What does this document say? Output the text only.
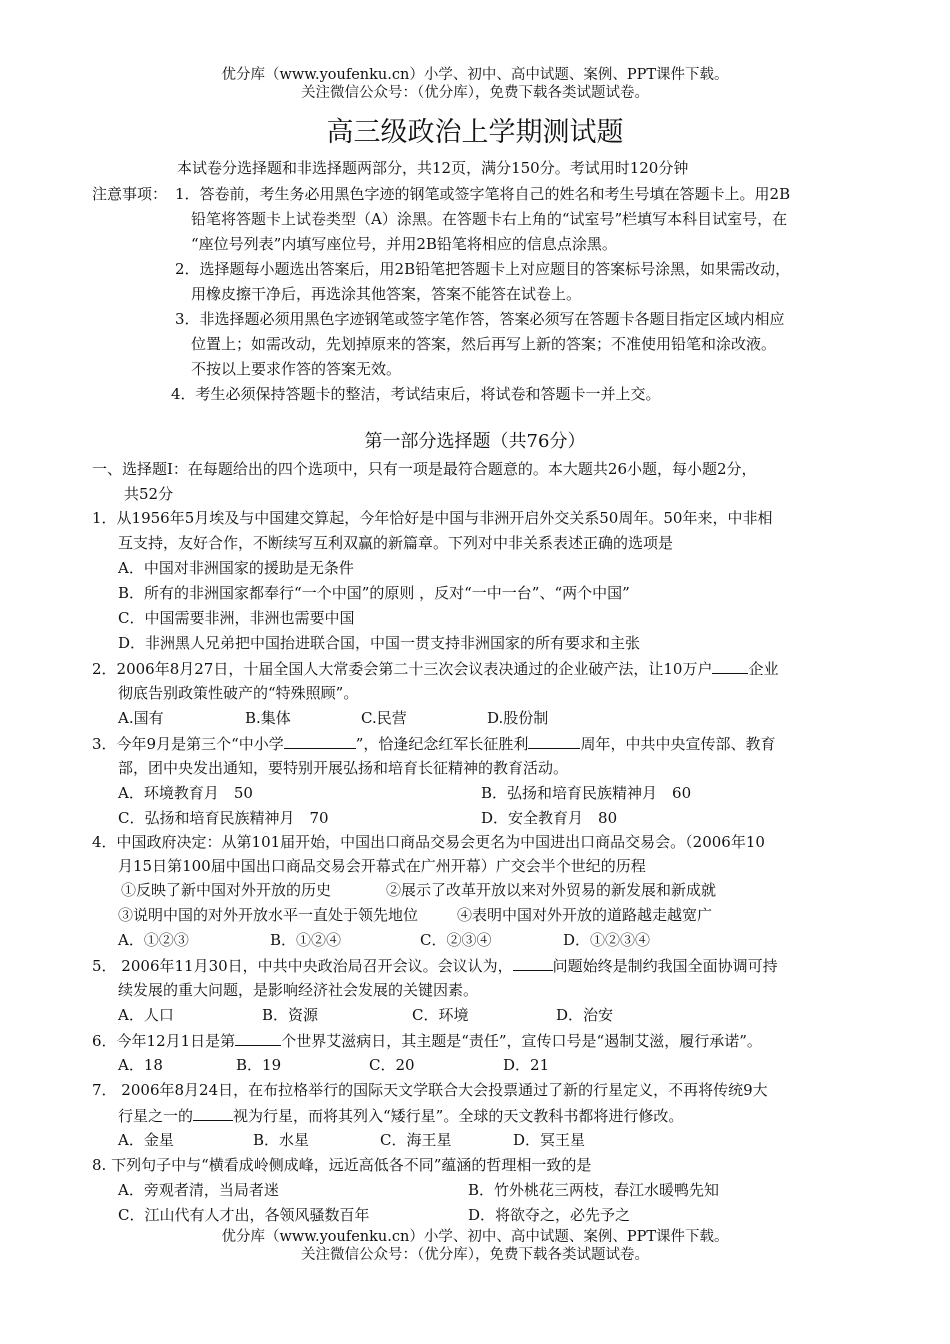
优分库（www.youfenku.cn）小学、初中、高中试题、案例、PPT课件下载。
关注微信公众号：（优分库），免费下载各类试题试卷。
高三级政治上学期测试题
本试卷分选择题和非选择题两部分，共12页，满分150分。考试用时120分钟
注意事项： 1．答卷前，考生务必用黑色字迹的钢笔或签字笔将自己的姓名和考生号填在答题卡上。用2B
铅笔将答题卡上试卷类型（A）涂黑。在答题卡右上角的“试室号”栏填写本科目试室号，在
“座位号列表”内填写座位号，并用2B铅笔将相应的信息点涂黑。
2．选择题每小题选出答案后，用2B铅笔把答题卡上对应题目的答案标号涂黑，如果需改动，
用橡皮擦干净后，再选涂其他答案，答案不能答在试卷上。
3．非选择题必须用黑色字迹钢笔或签字笔作答，答案必须写在答题卡各题目指定区域内相应
位置上；如需改动，先划掉原来的答案，然后再写上新的答案；不准使用铅笔和涂改液。
不按以上要求作答的答案无效。
4．考生必须保持答题卡的整洁，考试结束后，将试卷和答题卡一并上交。
第一部分选择题（共76分）
一、选择题Ⅰ：在每题给出的四个选项中，只有一项是最符合题意的。本大题共26小题，每小题2分，
共52分
1．从1956年5月埃及与中国建交算起，今年恰好是中国与非洲开启外交关系50周年。50年来，中非相
互支持，友好合作，不断续写互利双赢的新篇章。下列对中非关系表述正确的选项是
A．中国对非洲国家的援助是无条件
B．所有的非洲国家都奉行“一个中国”的原则 ，反对“一中一台”、“两个中国”
C．中国需要非洲，非洲也需要中国
D．非洲黑人兄弟把中国抬进联合国，中国一贯支持非洲国家的所有要求和主张
2．2006年8月27日，十届全国人大常委会第二十三次会议表决通过的企业破产法，让10万户 企业
彻底告别政策性破产的“特殊照顾”。
A.国有	B.集体	C.民营	D.股份制
3．今年9月是第三个“中小学	”，恰逢纪念红军长征胜利	周年，中共中央宣传部、教育
部，团中央发出通知，要特别开展弘扬和培育长征精神的教育活动。
A．环境教育月　50	B．弘扬和培育民族精神月　60
C．弘扬和培育民族精神月　70	D．安全教育月　80
4．中国政府决定：从第101届开始，中国出口商品交易会更名为中国进出口商品交易会。（2006年10
月15日第100届中国出口商品交易会开幕式在广州开幕）广交会半个世纪的历程
①反映了新中国对外开放的历史	②展示了改革开放以来对外贸易的新发展和新成就
③说明中国的对外开放水平一直处于领先地位	④表明中国对外开放的道路越走越宽广
A．①②③	B．①②④	C．②③④	D．①②③④
5． 2006年11月30日，中共中央政治局召开会议。会议认为，	问题始终是制约我国全面协调可持
续发展的重大问题，是影响经济社会发展的关键因素。
A．人口	B．资源	C．环境	D．治安
6．今年12月1日是第	个世界艾滋病日，其主题是“责任”，宣传口号是“遏制艾滋，履行承诺”。
A．18	B．19	C．20	D．21
7． 2006年8月24日，在布拉格举行的国际天文学联合大会投票通过了新的行星定义，不再将传统9大
行星之一的	视为行星，而将其列入“矮行星”。全球的天文教科书都将进行修改。
A．金星	B．水星	C．海王星	D．冥王星
8. 下列句子中与“横看成岭侧成峰，远近高低各不同”蕴涵的哲理相一致的是
A．旁观者清，当局者迷	B．竹外桃花三两枝，春江水暖鸭先知
C．江山代有人才出，各领风骚数百年	D．将欲夺之，必先予之
优分库（www.youfenku.cn）小学、初中、高中试题、案例、PPT课件下载。
关注微信公众号：（优分库），免费下载各类试题试卷。
